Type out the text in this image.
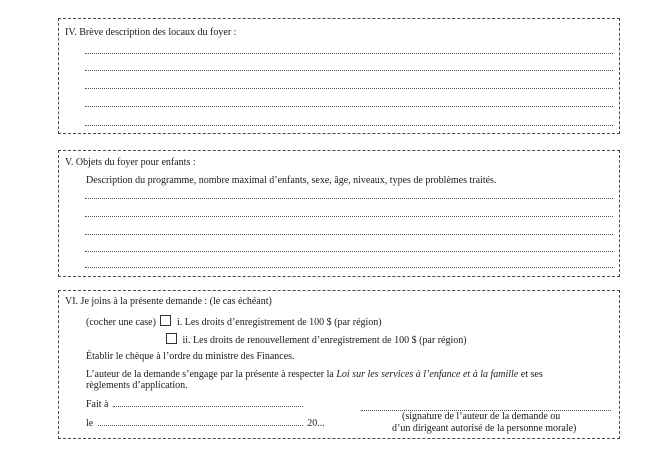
IV. Brève description des locaux du foyer :
V. Objets du foyer pour enfants :
Description du programme, nombre maximal d’enfants, sexe, âge, niveaux, types de problèmes traités.
VI. Je joins à la présente demande : (le cas échéant)
(cocher une case) i. Les droits d’enregistrement de 100 $ (par région)
ii. Les droits de renouvellement d’enregistrement de 100 $ (par région)
Établir le chèque à l’ordre du ministre des Finances.
L’auteur de la demande s’engage par la présente à respecter la Loi sur les services à l’enfance et à la famille et ses
règlements d’application.
Fait à
le	20...
(signature de l’auteur de la demande ou
d’un dirigeant autorisé de la personne morale)
